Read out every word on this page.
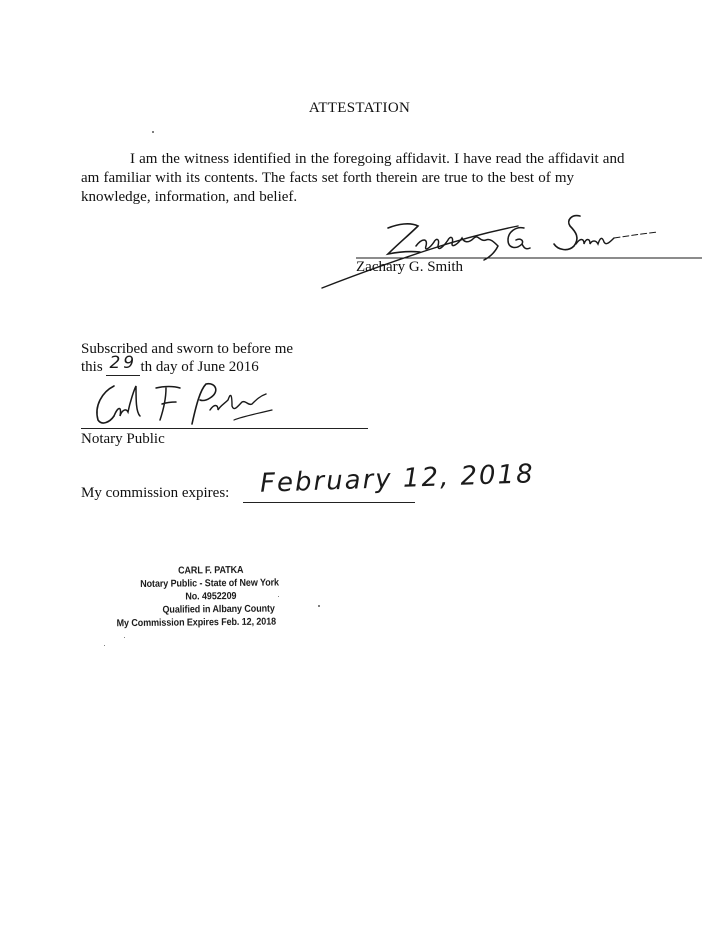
ATTESTATION

I am the witness identified in the foregoing affidavit. I have read the affidavit and am familiar with its contents. The facts set forth therein are true to the best of my knowledge, information, and belief.

Zachary G. Smith
Subscribed and sworn to before me
this 29 th day of June 2016
Notary Public
My commission expires: February 12, 2018
CARL F. PATKA
Notary Public - State of New York
No. 4952209
Qualified in Albany County
My Commission Expires Feb. 12, 2018
